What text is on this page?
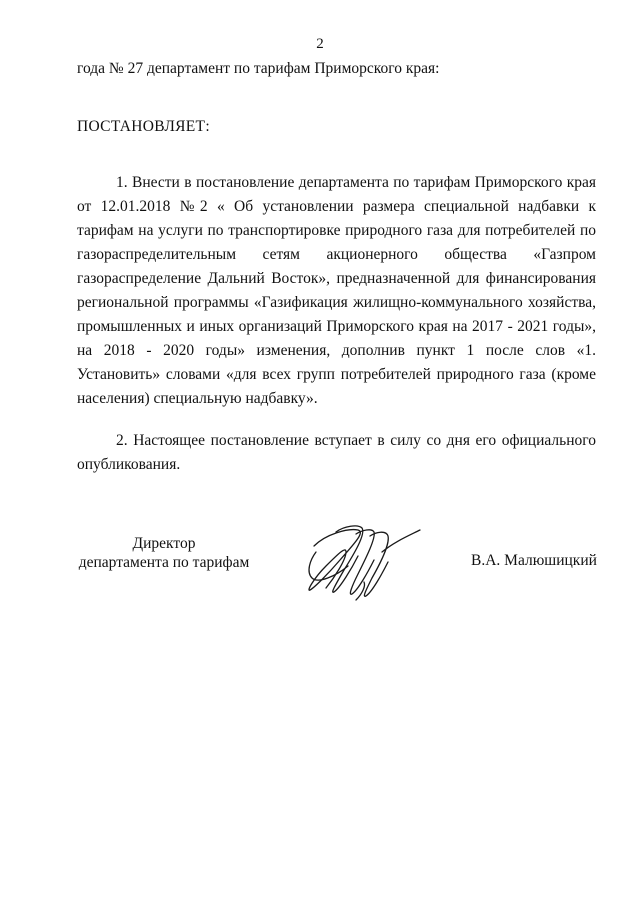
2
года № 27 департамент по тарифам Приморского края:
ПОСТАНОВЛЯЕТ:

1. Внести в постановление департамента по тарифам Приморского края от 12.01.2018 №2 « Об установлении размера специальной надбавки к тарифам на услуги по транспортировке природного газа для потребителей по газораспределительным сетям акционерного общества «Газпром газораспределение Дальний Восток», предназначенной для финансирования региональной программы «Газификация жилищно-коммунального хозяйства, промышленных и иных организаций Приморского края на 2017 - 2021 годы», на 2018 - 2020 годы» изменения, дополнив пункт 1 после слов «1. Установить» словами «для всех групп потребителей природного газа (кроме населения) специальную надбавку».

2. Настоящее постановление вступает в силу со дня его официального опубликования.

Директор

департамента по тарифам	В.А. Малюшицкий
